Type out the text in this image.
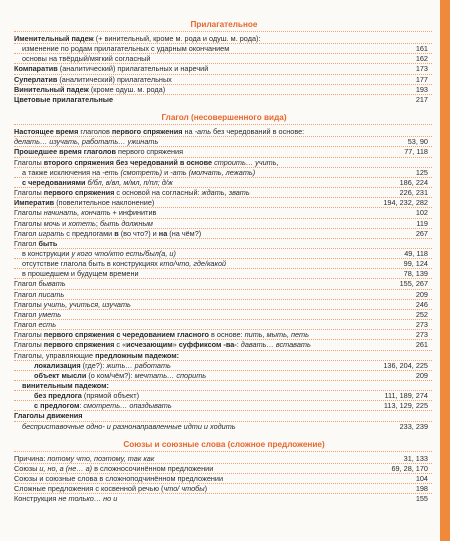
Прилагательное
Именительный падеж (+ винительный, кроме м. рода и одуш. м. рода):
изменение по родам прилагательных с ударным окончанием	161
основы на твёрдый/мягкий согласный	162
Компаратив (аналитический) прилагательных и наречий	173
Суперлатив (аналитический) прилагательных	177
Винительный падеж (кроме одуш. м. рода)	193
Цветовые прилагательные	217
Глагол (несовершенного вида)
Настоящее время глаголов первого спряжения на -ать без чередований в основе:
делать… изучать, работать… ужинать	53, 90
Прошедшее время глаголов первого спряжения	77, 118
Глаголы второго спряжения без чередований в основе строить… учить,
а также исключения на -еть (смотреть) и -ать (молчать, лежать)	125
с чередованиями б/бл, в/вл, м/мл, п/пл; д/ж	186, 224
Глаголы первого спряжения с основой на согласный: ждать, звать	226, 231
Императив (повелительное наклонение)	194, 232, 282
Глаголы начинать, кончать + инфинитив	102
Глаголы мочь и хотеть; быть должным	119
Глагол играть с предлогами в (во что?) и на (на чём?)	267
Глагол быть
в конструкции у кого что/кто есть/был(а, и)	49, 118
отсутствие глагола быть в конструкциях кто/что, где/какой	99, 124
в прошедшем и будущем времени	78, 139
Глагол бывать	155, 267
Глагол писать	209
Глаголы учить, учиться, изучать	246
Глагол уметь	252
Глагол есть	273
Глаголы первого спряжения с чередованием гласного в основе: пить, мыть, петь	273
Глаголы первого спряжения с «исчезающим» суффиксом -ва-: давать… вставать	261
Глаголы, управляющие предложным падежом:
локализация (где?): жить… работать	136, 204, 225
объект мысли (о ком/чём?): мечтать… спорить	209
винительным падежом:
без предлога (прямой объект)	111, 189, 274
с предлогом: смотреть… опаздывать	113, 129, 225
Глаголы движения
бесприставочные одно- и разнонаправленные идти и ходить	233, 239
Союзы и союзные слова (сложное предложение)
Причина: потому что, поэтому, так как	31, 133
Союзы и, но, а (не… а) в сложносочинённом предложении	69, 28, 170
Союзы и союзные слова в сложноподчинённом предложении	104
Сложные предложения с косвенной речью (что/ чтобы)	198
Конструкция не только… но и	155
